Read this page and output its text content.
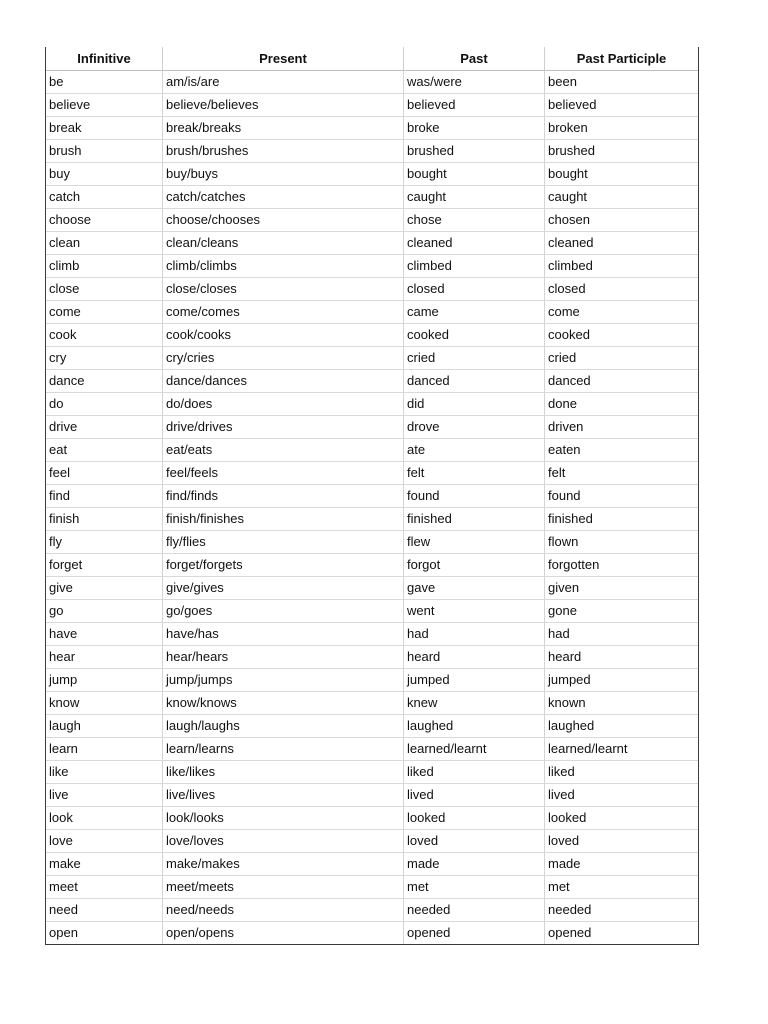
Infinitive	Present	Past	Past Participle
be	am/is/are	was/were	been
believe	believe/believes	believed	believed
break	break/breaks	broke	broken
brush	brush/brushes	brushed	brushed
buy	buy/buys	bought	bought
catch	catch/catches	caught	caught
choose	choose/chooses	chose	chosen
clean	clean/cleans	cleaned	cleaned
climb	climb/climbs	climbed	climbed
close	close/closes	closed	closed
come	come/comes	came	come
cook	cook/cooks	cooked	cooked
cry	cry/cries	cried	cried
dance	dance/dances	danced	danced
do	do/does	did	done
drive	drive/drives	drove	driven
eat	eat/eats	ate	eaten
feel	feel/feels	felt	felt
find	find/finds	found	found
finish	finish/finishes	finished	finished
fly	fly/flies	flew	flown
forget	forget/forgets	forgot	forgotten
give	give/gives	gave	given
go	go/goes	went	gone
have	have/has	had	had
hear	hear/hears	heard	heard
jump	jump/jumps	jumped	jumped
know	know/knows	knew	known
laugh	laugh/laughs	laughed	laughed
learn	learn/learns	learned/learnt	learned/learnt
like	like/likes	liked	liked
live	live/lives	lived	lived
look	look/looks	looked	looked
love	love/loves	loved	loved
make	make/makes	made	made
meet	meet/meets	met	met
need	need/needs	needed	needed
open	open/opens	opened	opened
